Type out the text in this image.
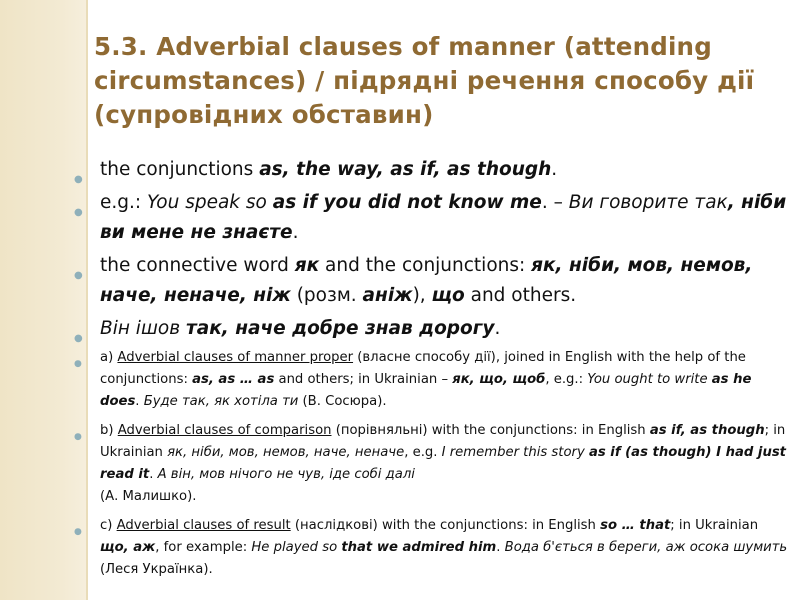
5.3. Adverbial clauses of manner (attending circumstances) / підрядні речення способу дії (супровідних обставин)
● the conjunctions as, the way, as if, as though.
● e.g.: You speak so as if you did not know me. – Ви говорите так, ніби ви мене не знаєте.
● the connective word як and the conjunctions: як, ніби, мов, немов, наче, неначе, ніж (розм. аніж), що and others.
● Він ішов так, наче добре знав дорогу.
● a) Adverbial clauses of manner proper (власне способу дії), joined in English with the help of the conjunctions: as, as … as and others; in Ukrainian – як, що, щоб, e.g.: You ought to write as he does. Буде так, як хотіла ти (В. Сосюра).
● b) Adverbial clauses of comparison (порівняльні) with the conjunctions: in English as if, as though; in Ukrainian як, ніби, мов, немов, наче, неначе, e.g. I remember this story as if (as though) I had just read it. А він, мов нічого не чув, іде собі далі
(А. Малишко).
● c) Adverbial clauses of result (наслідкові) with the conjunctions: in English so … that; in Ukrainian що, аж, for example: He played so that we admired him. Вода б'ється в береги, аж осока шумить (Леся Українка).
